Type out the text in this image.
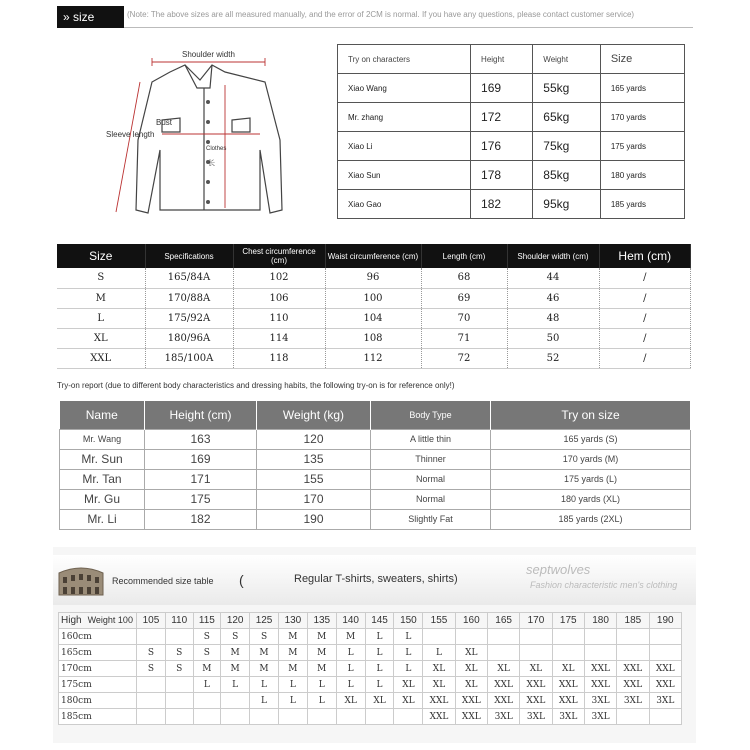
» size chart
(Note: The above sizes are all measured manually, and the error of 2CM is normal. If you have any questions, please contact customer service)
Shoulder width
Sleeve length
Bust
Clothes
长
Try on characters	Height	Weight	Size
Xiao Wang	169	55kg	165 yards
Mr. zhang	172	65kg	170 yards
Xiao Li	176	75kg	175 yards
Xiao Sun	178	85kg	180 yards
Xiao Gao	182	95kg	185 yards
Size	Specifications	Chest circumference (cm)	Waist circumference (cm)	Length (cm)	Shoulder width (cm)	Hem (cm)
S	165/84A	102	96	68	44	/
M	170/88A	106	100	69	46	/
L	175/92A	110	104	70	48	/
XL	180/96A	114	108	71	50	/
XXL	185/100A	118	112	72	52	/
Try-on report (due to different body characteristics and dressing habits, the following try-on is for reference only!)
Name	Height (cm)	Weight (kg)	Body Type	Try on size
Mr. Wang	163	120	A little thin	165 yards (S)
Mr. Sun	169	135	Thinner	170 yards (M)
Mr. Tan	171	155	Normal	175 yards (L)
Mr. Gu	175	170	Normal	180 yards (XL)
Mr. Li	182	190	Slightly Fat	185 yards (2XL)
Recommended size table (	Regular T-shirts, sweaters, shirts)
septwolves
Fashion characteristic men's clothing
High Weight 100	105	110	115	120	125	130	135	140	145	150	155	160	165	170	175	180	185	190
160cm			S	S	S	M	M	M	L	L								
165cm	S	S	S	M	M	M	M	L	L	L	L	XL						
170cm	S	S	M	M	M	M	M	L	L	L	XL	XL	XL	XL	XL	XXL	XXL	XXL
175cm			L	L	L	L	L	L	L	XL	XL	XL	XXL	XXL	XXL	XXL	XXL	XXL
180cm					L	L	L	XL	XL	XL	XXL	XXL	XXL	XXL	XXL	3XL	3XL	3XL
185cm											XXL	XXL	3XL	3XL	3XL	3XL		
